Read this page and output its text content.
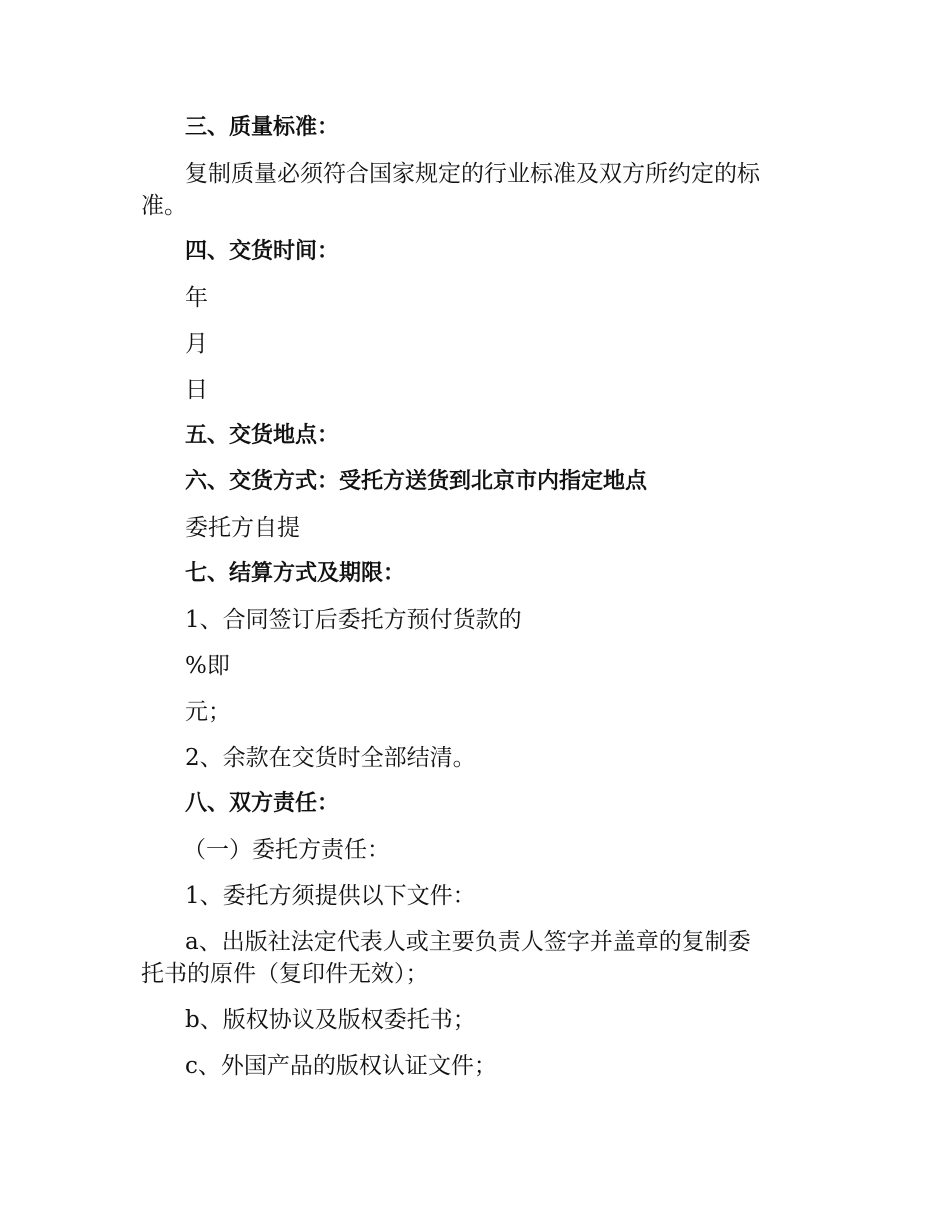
三、质量标准：

复制质量必须符合国家规定的行业标准及双方所约定的标

准。

四、交货时间：

年

月

日

五、交货地点：

六、交货方式：受托方送货到北京市内指定地点

委托方自提

七、结算方式及期限：

1、合同签订后委托方预付货款的

%即

元；

2、余款在交货时全部结清。

八、双方责任：

（一）委托方责任：

1、委托方须提供以下文件：

a、出版社法定代表人或主要负责人签字并盖章的复制委

托书的原件（复印件无效）；

b、版权协议及版权委托书；

c、外国产品的版权认证文件；
